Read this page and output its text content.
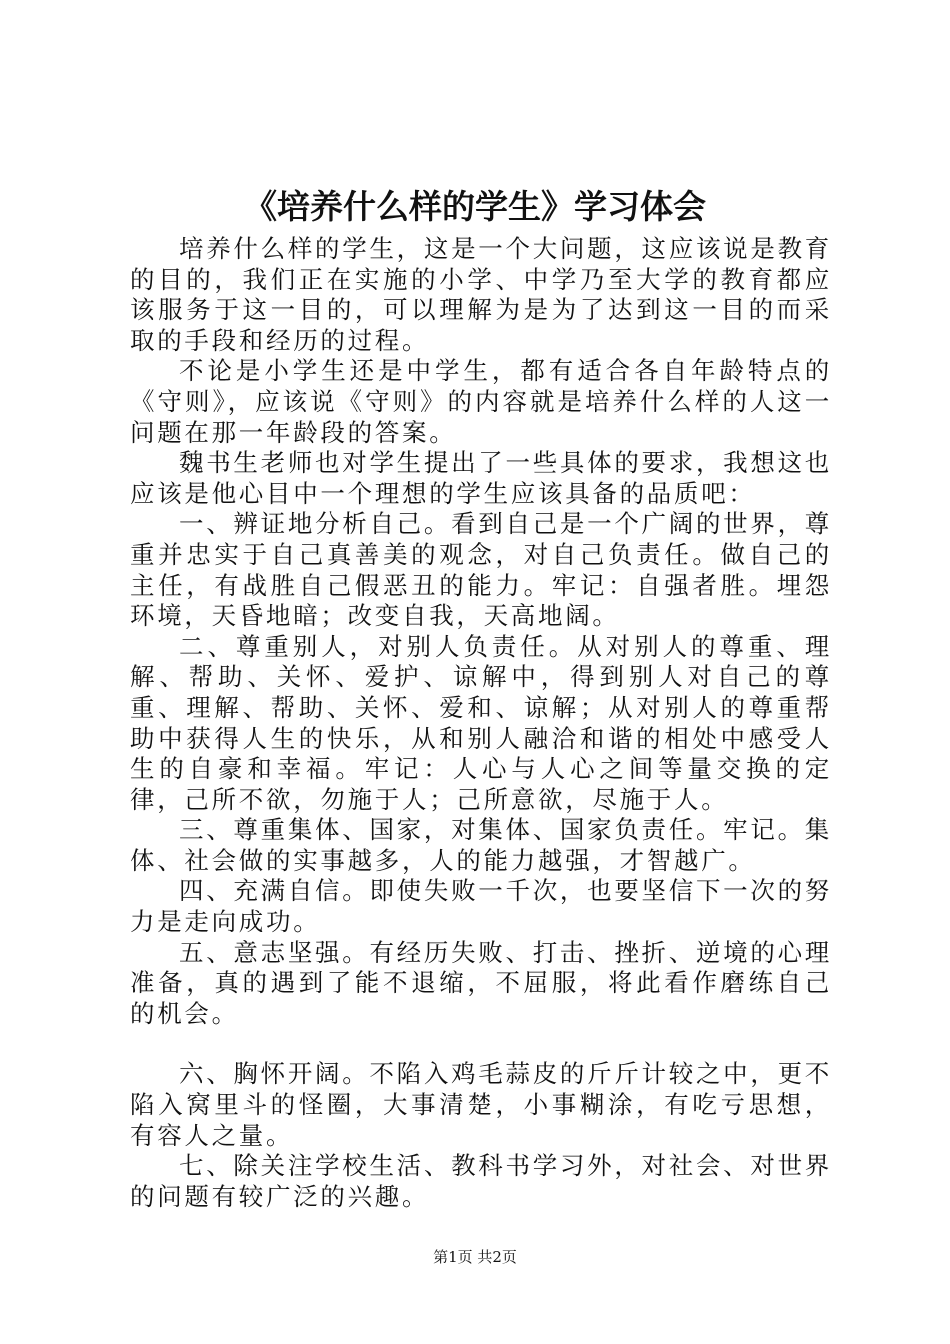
《培养什么样的学生》学习体会

培养什么样的学生，这是一个大问题，这应该说是教育的目的，我们正在实施的小学、中学乃至大学的教育都应该服务于这一目的，可以理解为是为了达到这一目的而采取的手段和经历的过程。

不论是小学生还是中学生，都有适合各自年龄特点的《守则》，应该说《守则》的内容就是培养什么样的人这一问题在那一年龄段的答案。

魏书生老师也对学生提出了一些具体的要求，我想这也应该是他心目中一个理想的学生应该具备的品质吧：

一、辨证地分析自己。看到自己是一个广阔的世界，尊重并忠实于自己真善美的观念，对自己负责任。做自己的主任，有战胜自己假恶丑的能力。牢记：自强者胜。埋怨环境，天昏地暗；改变自我，天高地阔。

二、尊重别人，对别人负责任。从对别人的尊重、理解、帮助、关怀、爱护、谅解中，得到别人对自己的尊重、理解、帮助、关怀、爱和、谅解；从对别人的尊重帮助中获得人生的快乐，从和别人融洽和谐的相处中感受人生的自豪和幸福。牢记：人心与人心之间等量交换的定律，己所不欲，勿施于人；己所意欲，尽施于人。

三、尊重集体、国家，对集体、国家负责任。牢记。集体、社会做的实事越多，人的能力越强，才智越广。

四、充满自信。即使失败一千次，也要坚信下一次的努力是走向成功。

五、意志坚强。有经历失败、打击、挫折、逆境的心理准备，真的遇到了能不退缩，不屈服，将此看作磨练自己的机会。

六、胸怀开阔。不陷入鸡毛蒜皮的斤斤计较之中，更不陷入窝里斗的怪圈，大事清楚，小事糊涂，有吃亏思想，有容人之量。

七、除关注学校生活、教科书学习外，对社会、对世界的问题有较广泛的兴趣。

第1页 共2页
